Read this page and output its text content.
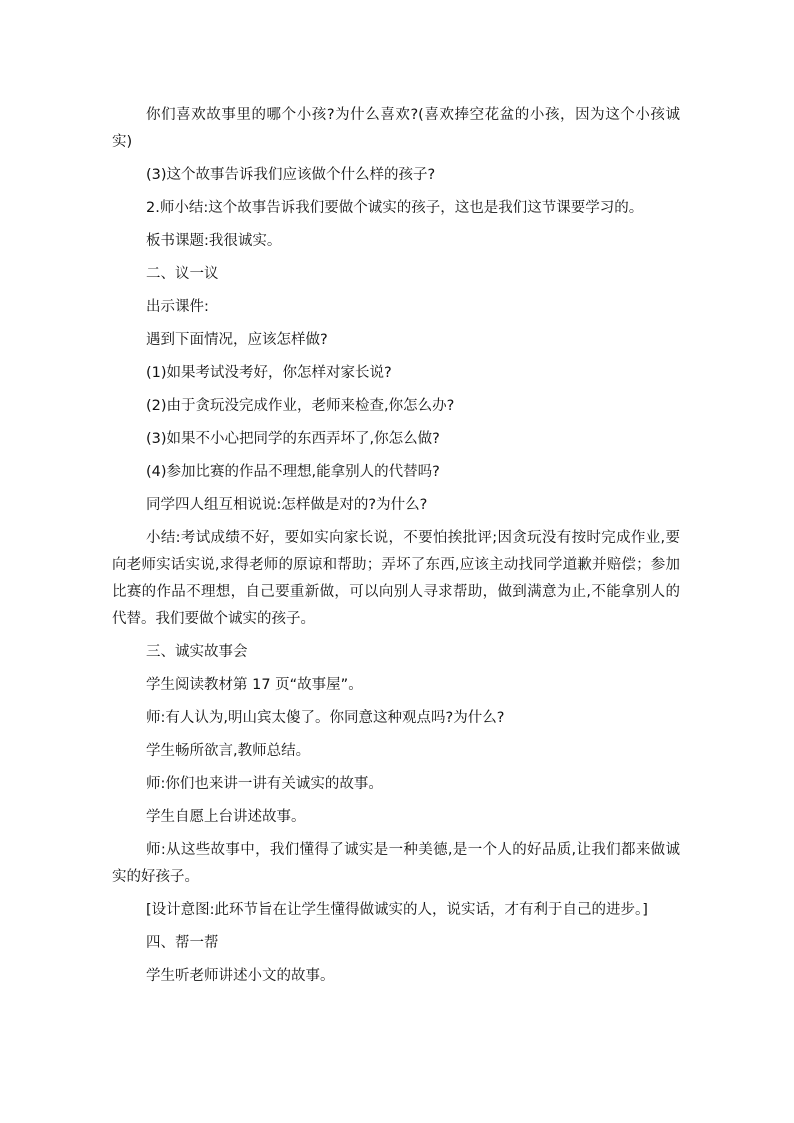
你们喜欢故事里的哪个小孩?为什么喜欢?(喜欢捧空花盆的小孩，因为这个小孩诚实)

(3)这个故事告诉我们应该做个什么样的孩子?

2.师小结:这个故事告诉我们要做个诚实的孩子，这也是我们这节课要学习的。

板书课题:我很诚实。

二、议一议

出示课件:

遇到下面情况，应该怎样做?

(1)如果考试没考好，你怎样对家长说?

(2)由于贪玩没完成作业，老师来检查,你怎么办?

(3)如果不小心把同学的东西弄坏了,你怎么做?

(4)参加比赛的作品不理想,能拿别人的代替吗?

同学四人组互相说说:怎样做是对的?为什么?

小结:考试成绩不好，要如实向家长说，不要怕挨批评;因贪玩没有按时完成作业,要向老师实话实说,求得老师的原谅和帮助；弄坏了东西,应该主动找同学道歉并赔偿；参加比赛的作品不理想，自己要重新做，可以向别人寻求帮助，做到满意为止,不能拿别人的代替。我们要做个诚实的孩子。

三、诚实故事会

学生阅读教材第 17 页“故事屋”。

师:有人认为,明山宾太傻了。你同意这种观点吗?为什么?

学生畅所欲言,教师总结。

师:你们也来讲一讲有关诚实的故事。

学生自愿上台讲述故事。

师:从这些故事中，我们懂得了诚实是一种美德,是一个人的好品质,让我们都来做诚实的好孩子。

[设计意图:此环节旨在让学生懂得做诚实的人，说实话，才有利于自己的进步。]

四、帮一帮

学生听老师讲述小文的故事。
